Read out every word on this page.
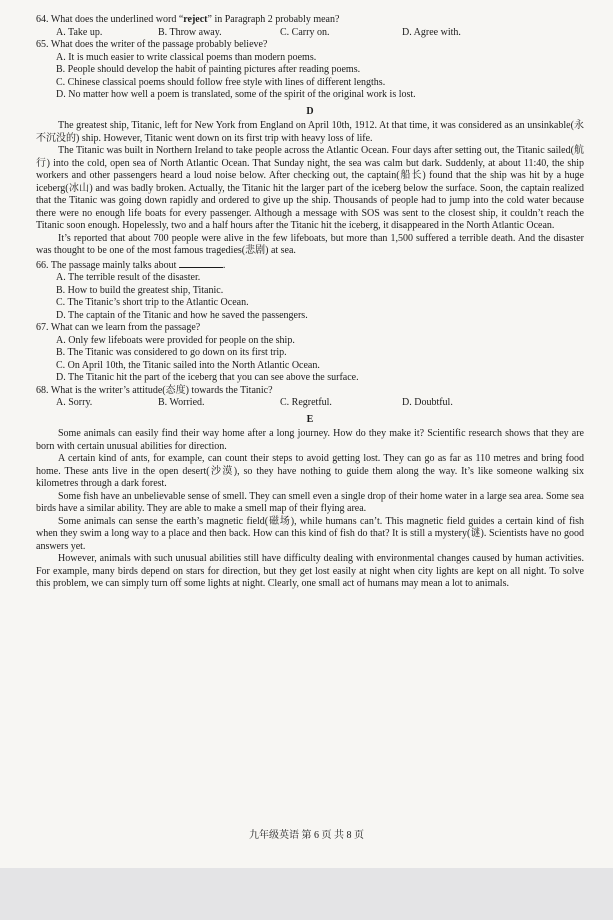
64. What does the underlined word “reject” in Paragraph 2 probably mean?

A. Take up.	B. Throw away.	C. Carry on.	D. Agree with.

65. What does the writer of the passage probably believe?

A. It is much easier to write classical poems than modern poems.

B. People should develop the habit of painting pictures after reading poems.

C. Chinese classical poems should follow free style with lines of different lengths.

D. No matter how well a poem is translated, some of the spirit of the original work is lost.

D

The greatest ship, Titanic, left for New York from England on April 10th, 1912. At that time, it was considered as an unsinkable(永不沉没的) ship. However, Titanic went down on its first trip with heavy loss of life.

The Titanic was built in Northern Ireland to take people across the Atlantic Ocean. Four days after setting out, the Titanic sailed(航行) into the cold, open sea of North Atlantic Ocean. That Sunday night, the sea was calm but dark. Suddenly, at about 11:40, the ship workers and other passengers heard a loud noise below. After checking out, the captain(船长) found that the ship was hit by a huge iceberg(冰山) and was badly broken. Actually, the Titanic hit the larger part of the iceberg below the surface. Soon, the captain realized that the Titanic was going down rapidly and ordered to give up the ship. Thousands of people had to jump into the cold water because there were no enough life boats for every passenger. Although a message with SOS was sent to the closest ship, it couldn’t reach the Titanic soon enough. Hopelessly, two and a half hours after the Titanic hit the iceberg, it disappeared in the North Atlantic Ocean.

It’s reported that about 700 people were alive in the few lifeboats, but more than 1,500 suffered a terrible death. And the disaster was thought to be one of the most famous tragedies(悲剧) at sea.

66. The passage mainly talks about	.

A. The terrible result of the disaster.

B. How to build the greatest ship, Titanic.

C. The Titanic’s short trip to the Atlantic Ocean.

D. The captain of the Titanic and how he saved the passengers.

67. What can we learn from the passage?

A. Only few lifeboats were provided for people on the ship.

B. The Titanic was considered to go down on its first trip.

C. On April 10th, the Titanic sailed into the North Atlantic Ocean.

D. The Titanic hit the part of the iceberg that you can see above the surface.

68. What is the writer’s attitude(态度) towards the Titanic?

A. Sorry.	B. Worried.	C. Regretful.	D. Doubtful.
E

Some animals can easily find their way home after a long journey. How do they make it? Scientific research shows that they are born with certain unusual abilities for direction.

A certain kind of ants, for example, can count their steps to avoid getting lost. They can go as far as 110 metres and bring food home. These ants live in the open desert(沙漠), so they have nothing to guide them along the way. It’s like someone walking six kilometres through a dark forest.

Some fish have an unbelievable sense of smell. They can smell even a single drop of their home water in a large sea area. Some sea birds have a similar ability. They are able to make a smell map of their flying area.

Some animals can sense the earth’s magnetic field(磁场), while humans can’t. This magnetic field guides a certain kind of fish when they swim a long way to a place and then back. How can this kind of fish do that? It is still a mystery(谜). Scientists have no good answers yet.

However, animals with such unusual abilities still have difficulty dealing with environmental changes caused by human activities. For example, many birds depend on stars for direction, but they get lost easily at night when city lights are kept on all night. To solve this problem, we can simply turn off some lights at night. Clearly, one small act of humans may mean a lot to animals.

九年级英语 第 6 页 共 8 页
